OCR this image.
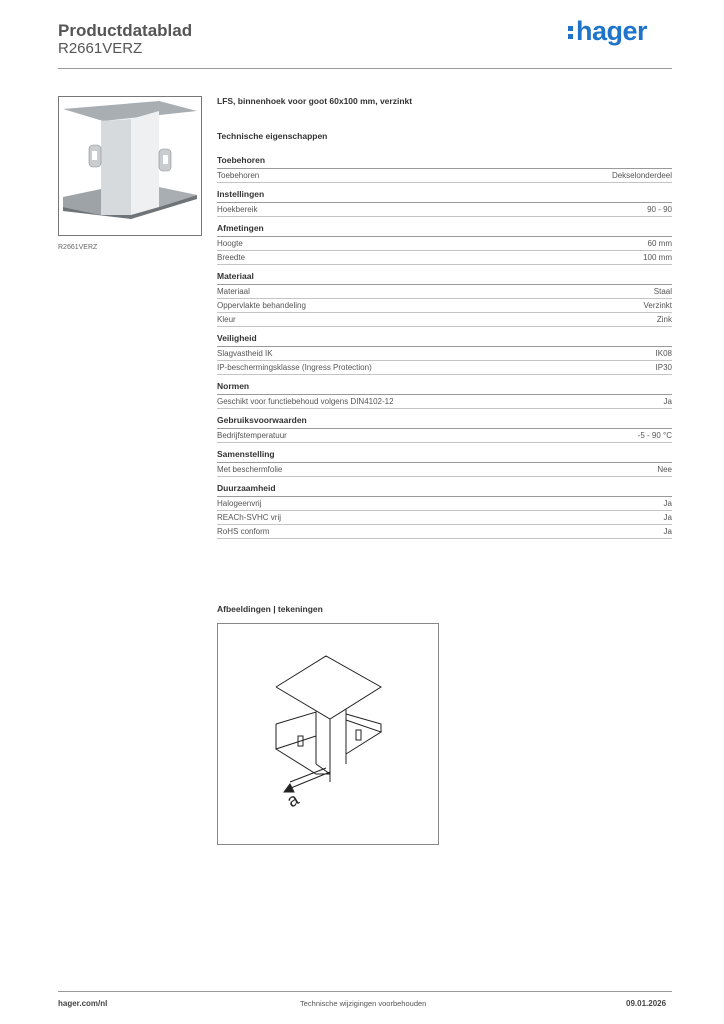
Productdatablad
R2661VERZ
hager
R2661VERZ
LFS, binnenhoek voor goot 60x100 mm, verzinkt
Technische eigenschappen
Toebehoren
Toebehoren	Dekselonderdeel
Instellingen
Hoekbereik	90 - 90
Afmetingen
Hoogte	60 mm
Breedte	100 mm
Materiaal
Materiaal	Staal
Oppervlakte behandeling	Verzinkt
Kleur	Zink
Veiligheid
Slagvastheid IK	IK08
IP-beschermingsklasse (Ingress Protection)	IP30
Normen
Geschikt voor functiebehoud volgens DIN4102-12	Ja
Gebruiksvoorwaarden
Bedrijfstemperatuur	-5 - 90 °C
Samenstelling
Met beschermfolie	Nee
Duurzaamheid
Halogeenvrij	Ja
REACh-SVHC vrij	Ja
RoHS conform	Ja
Afbeeldingen | tekeningen
a
hager.com/nl	Technische wijzigingen voorbehouden	09.01.2026
